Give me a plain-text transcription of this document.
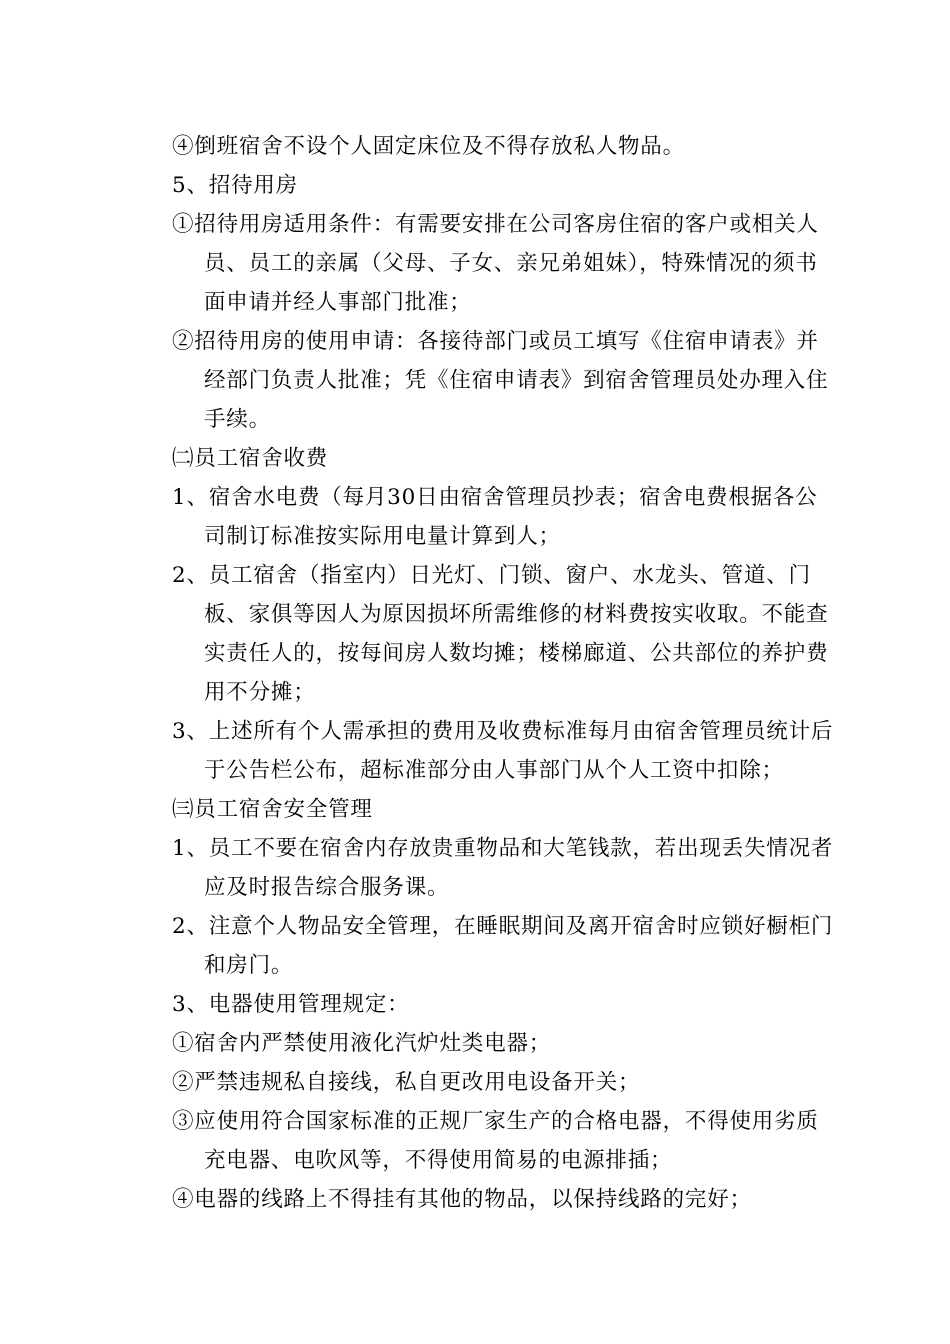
④倒班宿舍不设个人固定床位及不得存放私人物品。

5、招待用房

①招待用房适用条件：有需要安排在公司客房住宿的客户或相关人员、员工的亲属（父母、子女、亲兄弟姐妹），特殊情况的须书面申请并经人事部门批准；

②招待用房的使用申请：各接待部门或员工填写《住宿申请表》并经部门负责人批准；凭《住宿申请表》到宿舍管理员处办理入住手续。

㈡员工宿舍收费

1、宿舍水电费（每月30日由宿舍管理员抄表；宿舍电费根据各公司制订标准按实际用电量计算到人；

2、员工宿舍（指室内）日光灯、门锁、窗户、水龙头、管道、门板、家俱等因人为原因损坏所需维修的材料费按实收取。不能查实责任人的，按每间房人数均摊；楼梯廊道、公共部位的养护费用不分摊；

3、上述所有个人需承担的费用及收费标准每月由宿舍管理员统计后于公告栏公布，超标准部分由人事部门从个人工资中扣除；

㈢员工宿舍安全管理

1、员工不要在宿舍内存放贵重物品和大笔钱款，若出现丢失情况者应及时报告综合服务课。

2、注意个人物品安全管理，在睡眠期间及离开宿舍时应锁好橱柜门和房门。

3、电器使用管理规定：

①宿舍内严禁使用液化汽炉灶类电器；

②严禁违规私自接线，私自更改用电设备开关；

③应使用符合国家标准的正规厂家生产的合格电器，不得使用劣质充电器、电吹风等，不得使用简易的电源排插；

④电器的线路上不得挂有其他的物品，以保持线路的完好；
